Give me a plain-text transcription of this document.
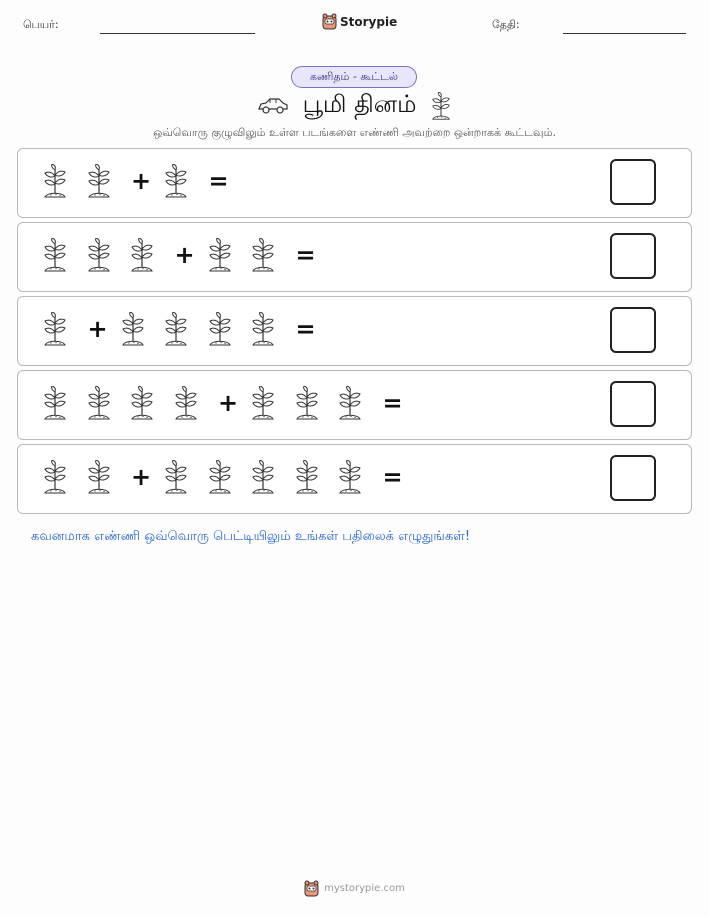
பெயர்:	Storypie	தேதி:
கணிதம் - கூட்டல்
பூமி தினம்
ஒவ்வொரு குழுவிலும் உள்ள படங்களை எண்ணி அவற்றை ஒன்றாகக் கூட்டவும்.
+ =
+	=
+	=
+	=
+	=
கவனமாக எண்ணி ஒவ்வொரு பெட்டியிலும் உங்கள் பதிலைக் எழுதுங்கள்!
mystorypie.com
